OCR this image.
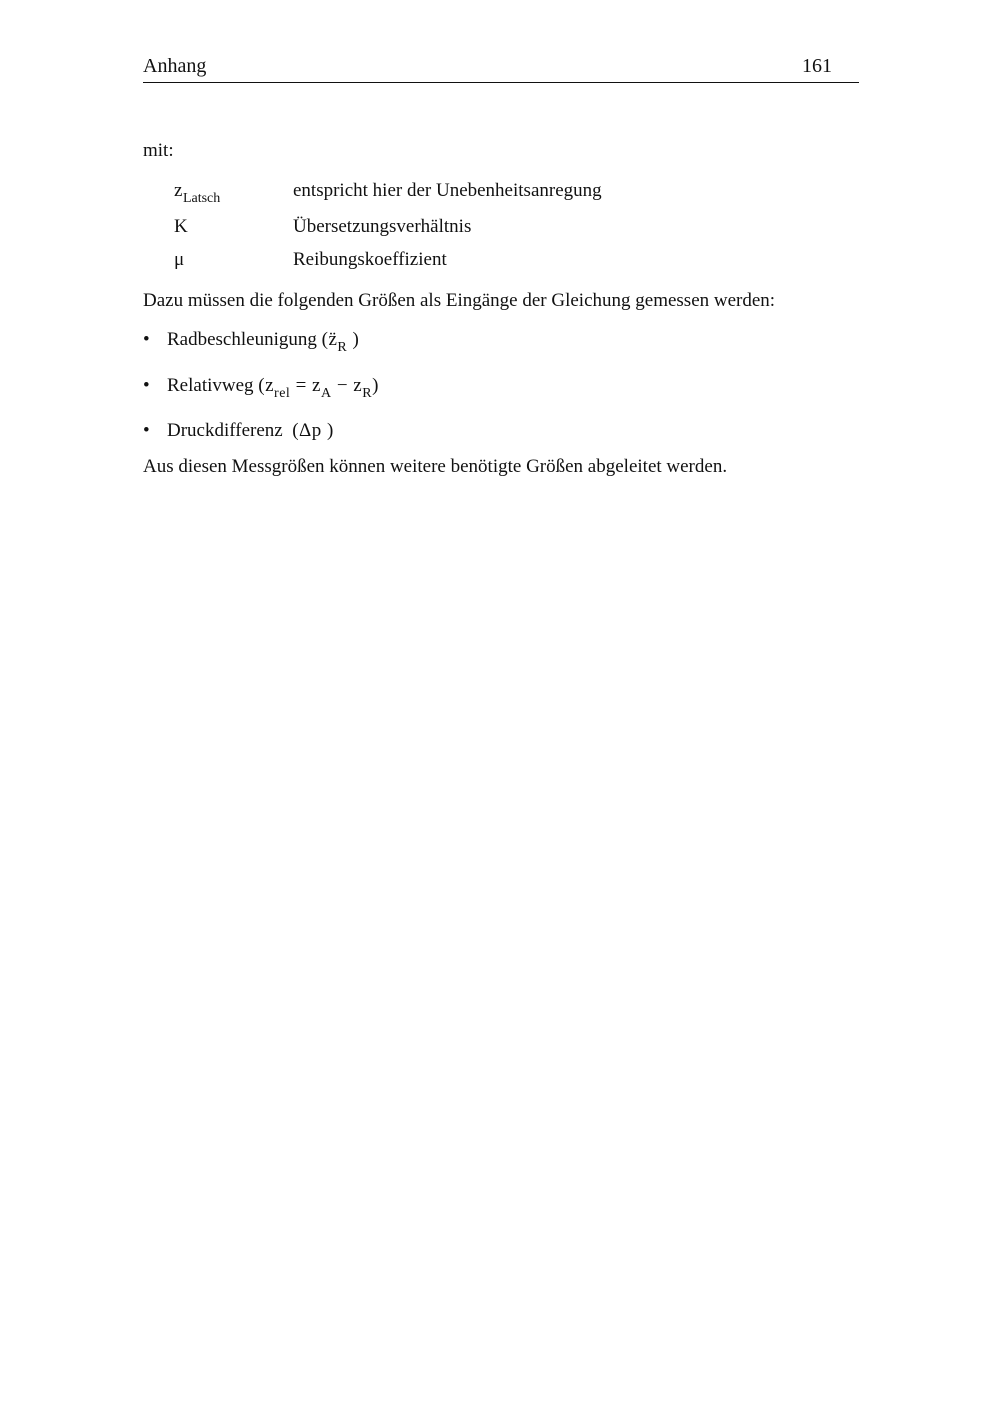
Anhang	161
mit:
$z_{Latsch}$	entspricht hier der Unebenheitsanregung
K	Übersetzungsverhältnis
μ	Reibungskoeffizient
Dazu müssen die folgenden Größen als Eingänge der Gleichung gemessen werden:
• Radbeschleunigung ($z̈_R$ )
• Relativweg $(z_{rel} = z_A - z_R)$
• Druckdifferenz (Δp )
Aus diesen Messgrößen können weitere benötigte Größen abgeleitet werden.
